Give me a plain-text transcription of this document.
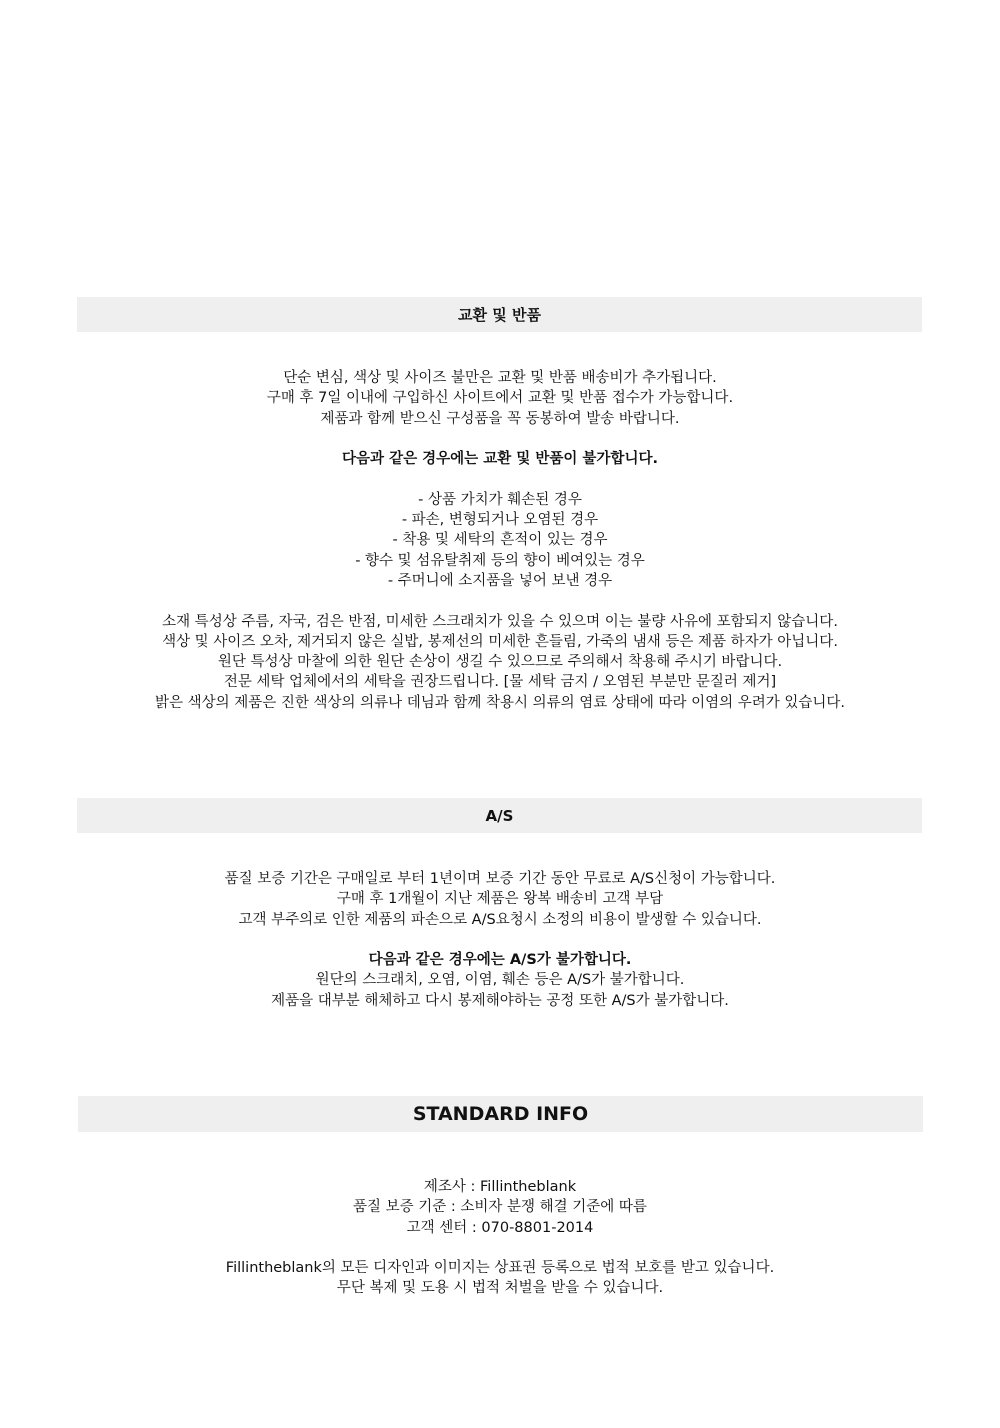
교환 및 반품
단순 변심, 색상 및 사이즈 불만은 교환 및 반품 배송비가 추가됩니다.
구매 후 7일 이내에 구입하신 사이트에서 교환 및 반품 접수가 가능합니다.
제품과 함께 받으신 구성품을 꼭 동봉하여 발송 바랍니다.
다음과 같은 경우에는 교환 및 반품이 불가합니다.
- 상품 가치가 훼손된 경우
- 파손, 변형되거나 오염된 경우
- 착용 및 세탁의 흔적이 있는 경우
- 향수 및 섬유탈취제 등의 향이 베여있는 경우
- 주머니에 소지품을 넣어 보낸 경우
소재 특성상 주름, 자국, 검은 반점, 미세한 스크래치가 있을 수 있으며 이는 불량 사유에 포함되지 않습니다.
색상 및 사이즈 오차, 제거되지 않은 실밥, 봉제선의 미세한 흔들림, 가죽의 냄새 등은 제품 하자가 아닙니다.
원단 특성상 마찰에 의한 원단 손상이 생길 수 있으므로 주의해서 착용해 주시기 바랍니다.
전문 세탁 업체에서의 세탁을 권장드립니다. [물 세탁 금지 / 오염된 부분만 문질러 제거]
밝은 색상의 제품은 진한 색상의 의류나 데님과 함께 착용시 의류의 염료 상태에 따라 이염의 우려가 있습니다.
A/S
품질 보증 기간은 구매일로 부터 1년이며 보증 기간 동안 무료로 A/S신청이 가능합니다.
구매 후 1개월이 지난 제품은 왕복 배송비 고객 부담
고객 부주의로 인한 제품의 파손으로 A/S요청시 소정의 비용이 발생할 수 있습니다.
다음과 같은 경우에는 A/S가 불가합니다.
원단의 스크래치, 오염, 이염, 훼손 등은 A/S가 불가합니다.
제품을 대부분 해체하고 다시 봉제해야하는 공정 또한 A/S가 불가합니다.
STANDARD INFO
제조사 : Fillintheblank
품질 보증 기준 : 소비자 분쟁 해결 기준에 따름
고객 센터 : 070-8801-2014
Fillintheblank의 모든 디자인과 이미지는 상표권 등록으로 법적 보호를 받고 있습니다.
무단 복제 및 도용 시 법적 처벌을 받을 수 있습니다.
